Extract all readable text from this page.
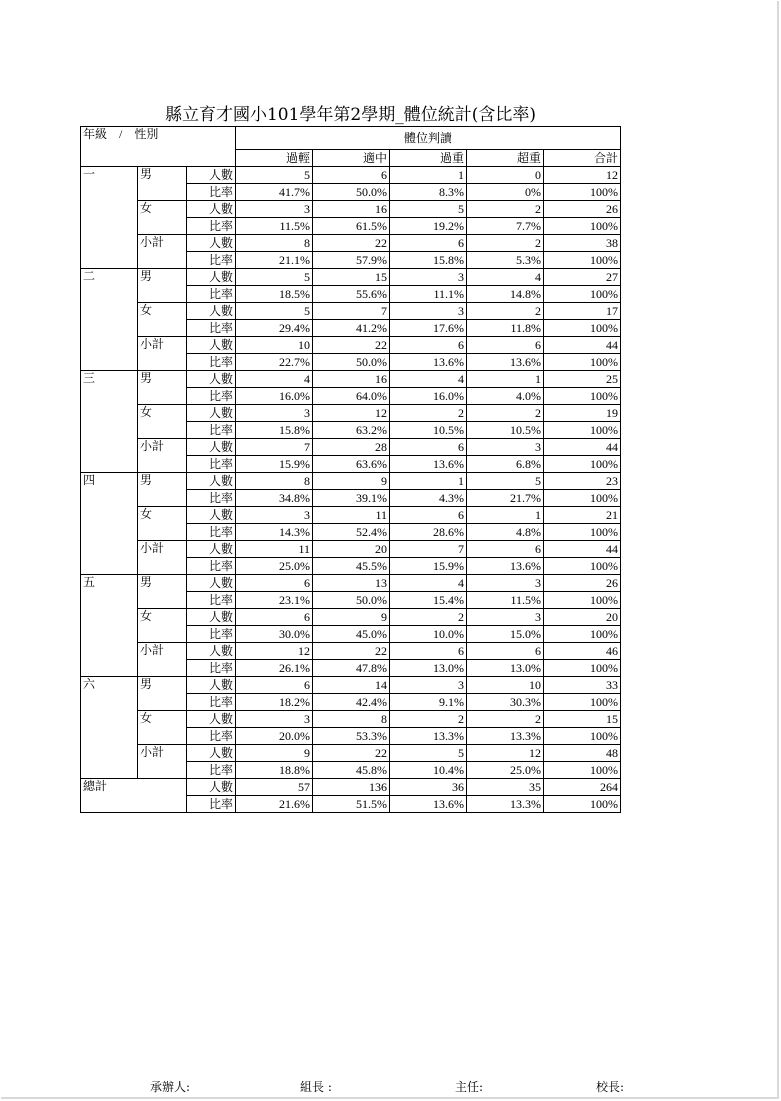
縣立育才國小101學年第2學期_體位統計(含比率)
年級　/　性別			體位判讀				
			過輕	適中	過重	超重	合計
一	男	人數	5	6	1	0	12
		比率	41.7%	50.0%	8.3%	0%	100%
	女	人數	3	16	5	2	26
		比率	11.5%	61.5%	19.2%	7.7%	100%
	小計	人數	8	22	6	2	38
		比率	21.1%	57.9%	15.8%	5.3%	100%
二	男	人數	5	15	3	4	27
		比率	18.5%	55.6%	11.1%	14.8%	100%
	女	人數	5	7	3	2	17
		比率	29.4%	41.2%	17.6%	11.8%	100%
	小計	人數	10	22	6	6	44
		比率	22.7%	50.0%	13.6%	13.6%	100%
三	男	人數	4	16	4	1	25
		比率	16.0%	64.0%	16.0%	4.0%	100%
	女	人數	3	12	2	2	19
		比率	15.8%	63.2%	10.5%	10.5%	100%
	小計	人數	7	28	6	3	44
		比率	15.9%	63.6%	13.6%	6.8%	100%
四	男	人數	8	9	1	5	23
		比率	34.8%	39.1%	4.3%	21.7%	100%
	女	人數	3	11	6	1	21
		比率	14.3%	52.4%	28.6%	4.8%	100%
	小計	人數	11	20	7	6	44
		比率	25.0%	45.5%	15.9%	13.6%	100%
五	男	人數	6	13	4	3	26
		比率	23.1%	50.0%	15.4%	11.5%	100%
	女	人數	6	9	2	3	20
		比率	30.0%	45.0%	10.0%	15.0%	100%
	小計	人數	12	22	6	6	46
		比率	26.1%	47.8%	13.0%	13.0%	100%
六	男	人數	6	14	3	10	33
		比率	18.2%	42.4%	9.1%	30.3%	100%
	女	人數	3	8	2	2	15
		比率	20.0%	53.3%	13.3%	13.3%	100%
	小計	人數	9	22	5	12	48
		比率	18.8%	45.8%	10.4%	25.0%	100%
總計		人數	57	136	36	35	264
		比率	21.6%	51.5%	13.6%	13.3%	100%
承辦人:	組長 :	主任:	校長:
